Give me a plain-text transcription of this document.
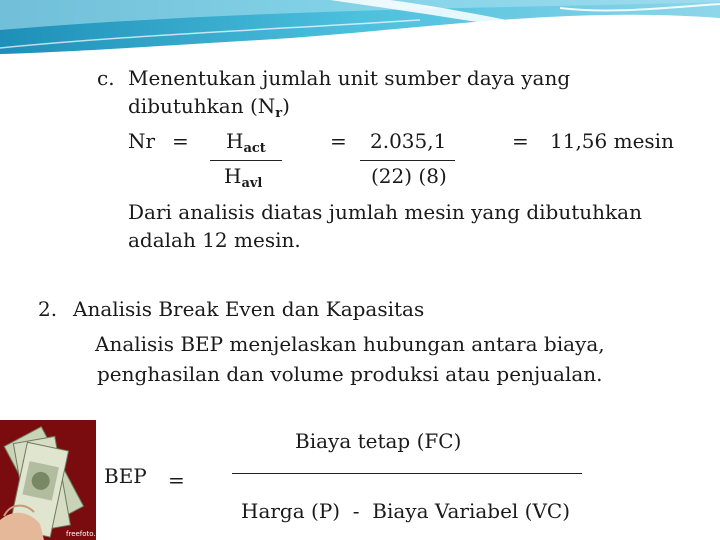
c. Menentukan jumlah unit sumber daya yang
dibutuhkan $(N_r)$
$Nr = H_{act}$
$H_{avl}$
= 2.035,1
(22) (8)
= 11,56 mesin
Dari analisis diatas jumlah mesin yang dibutuhkan
adalah 12 mesin.
2. Analisis Break Even dan Kapasitas
Analisis BEP menjelaskan hubungan antara biaya,
penghasilan dan volume produksi atau penjualan.
freefoto.com
BEP =
Biaya tetap (FC)
Harga (P)  -  Biaya Variabel (VC)
